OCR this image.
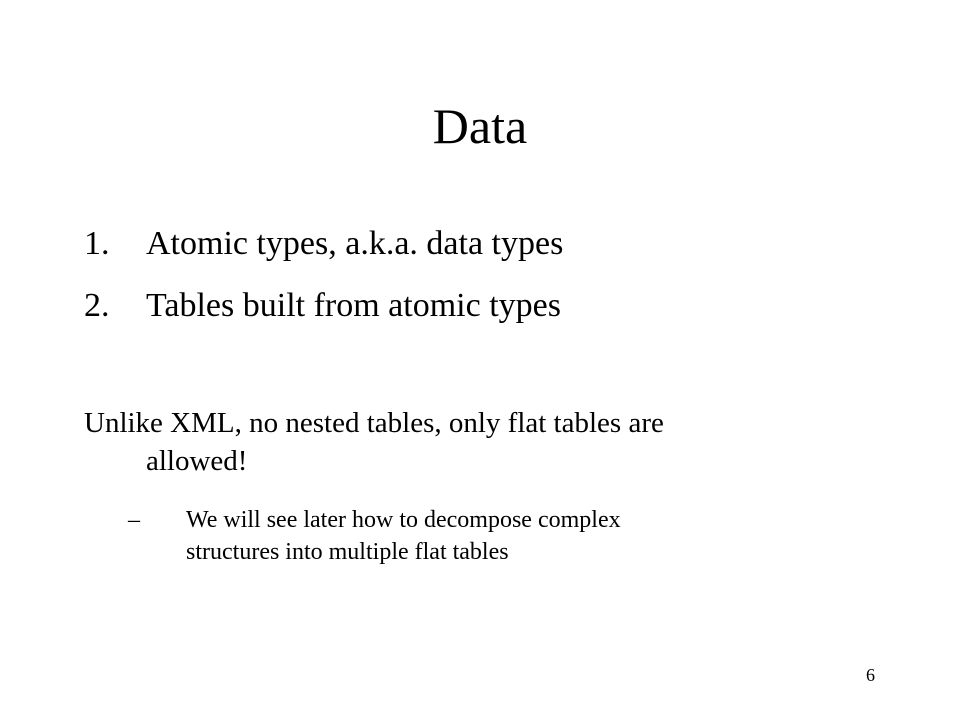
Data
1. Atomic types, a.k.a. data types
2. Tables built from atomic types
Unlike XML, no nested tables, only flat tables are
allowed!
–	We will see later how to decompose complex
structures into multiple flat tables
6
